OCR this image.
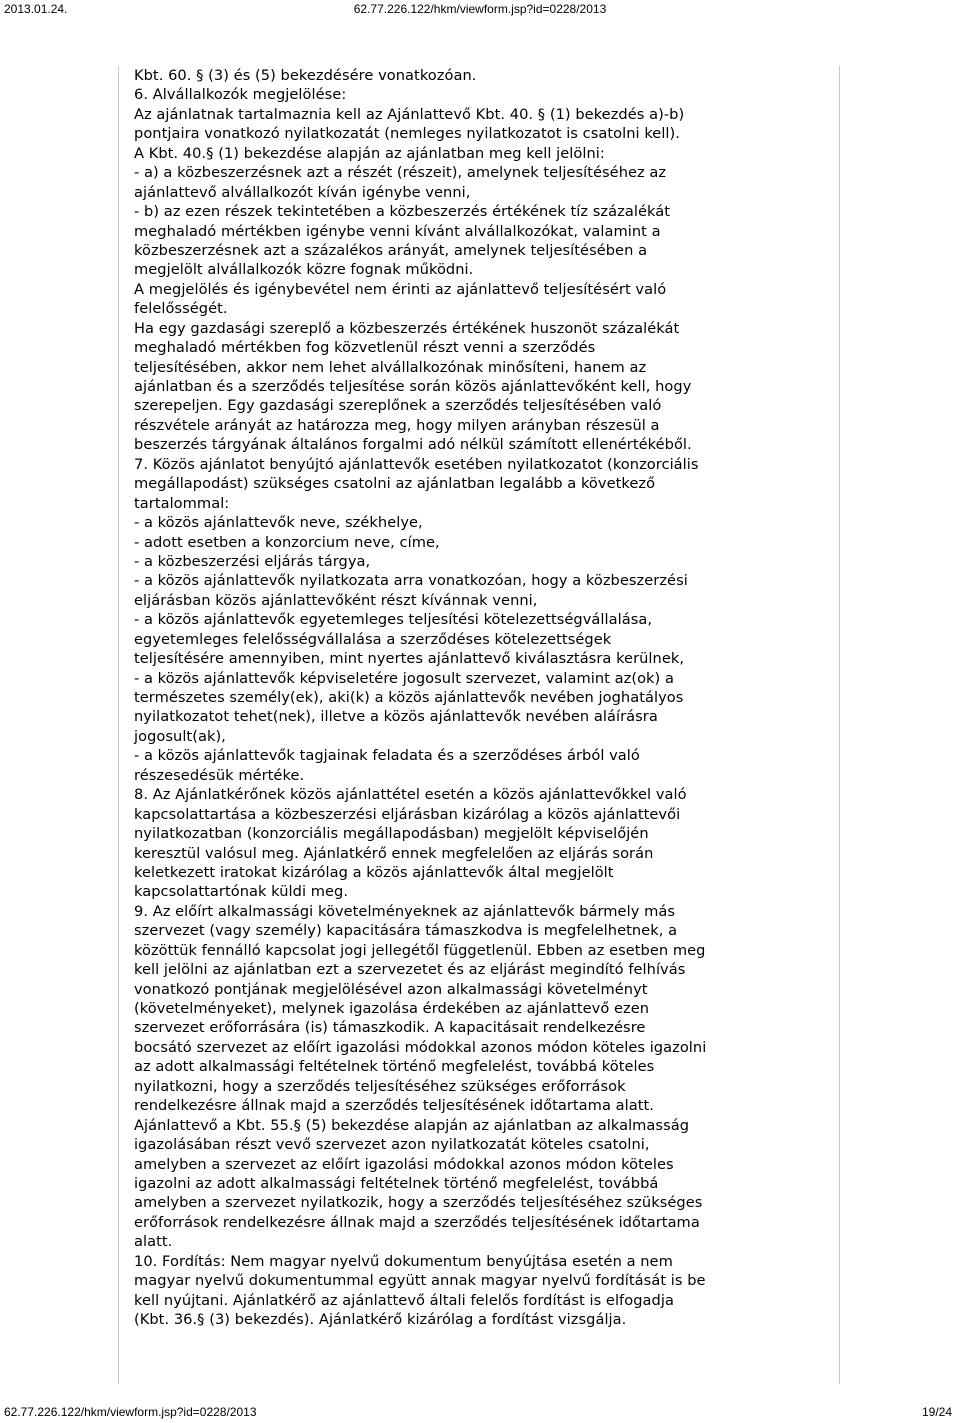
2013.01.24.	62.77.226.122/hkm/viewform.jsp?id=0228/2013
Kbt. 60. § (3) és (5) bekezdésére vonatkozóan.
6. Alvállalkozók megjelölése:
Az ajánlatnak tartalmaznia kell az Ajánlattevő Kbt. 40. § (1) bekezdés a)-b)
pontjaira vonatkozó nyilatkozatát (nemleges nyilatkozatot is csatolni kell).
A Kbt. 40.§ (1) bekezdése alapján az ajánlatban meg kell jelölni:
- a) a közbeszerzésnek azt a részét (részeit), amelynek teljesítéséhez az
ajánlattevő alvállalkozót kíván igénybe venni,
- b) az ezen részek tekintetében a közbeszerzés értékének tíz százalékát
meghaladó mértékben igénybe venni kívánt alvállalkozókat, valamint a
közbeszerzésnek azt a százalékos arányát, amelynek teljesítésében a
megjelölt alvállalkozók közre fognak működni.
A megjelölés és igénybevétel nem érinti az ajánlattevő teljesítésért való
felelősségét.
Ha egy gazdasági szereplő a közbeszerzés értékének huszonöt százalékát
meghaladó mértékben fog közvetlenül részt venni a szerződés
teljesítésében, akkor nem lehet alvállalkozónak minősíteni, hanem az
ajánlatban és a szerződés teljesítése során közös ajánlattevőként kell, hogy
szerepeljen. Egy gazdasági szereplőnek a szerződés teljesítésében való
részvétele arányát az határozza meg, hogy milyen arányban részesül a
beszerzés tárgyának általános forgalmi adó nélkül számított ellenértékéből.
7. Közös ajánlatot benyújtó ajánlattevők esetében nyilatkozatot (konzorciális
megállapodást) szükséges csatolni az ajánlatban legalább a következő
tartalommal:
- a közös ajánlattevők neve, székhelye,
- adott esetben a konzorcium neve, címe,
- a közbeszerzési eljárás tárgya,
- a közös ajánlattevők nyilatkozata arra vonatkozóan, hogy a közbeszerzési
eljárásban közös ajánlattevőként részt kívánnak venni,
- a közös ajánlattevők egyetemleges teljesítési kötelezettségvállalása,
egyetemleges felelősségvállalása a szerződéses kötelezettségek
teljesítésére amennyiben, mint nyertes ajánlattevő kiválasztásra kerülnek,
- a közös ajánlattevők képviseletére jogosult szervezet, valamint az(ok) a
természetes személy(ek), aki(k) a közös ajánlattevők nevében joghatályos
nyilatkozatot tehet(nek), illetve a közös ajánlattevők nevében aláírásra
jogosult(ak),
- a közös ajánlattevők tagjainak feladata és a szerződéses árból való
részesedésük mértéke.
8. Az Ajánlatkérőnek közös ajánlattétel esetén a közös ajánlattevőkkel való
kapcsolattartása a közbeszerzési eljárásban kizárólag a közös ajánlattevői
nyilatkozatban (konzorciális megállapodásban) megjelölt képviselőjén
keresztül valósul meg. Ajánlatkérő ennek megfelelően az eljárás során
keletkezett iratokat kizárólag a közös ajánlattevők által megjelölt
kapcsolattartónak küldi meg.
9. Az előírt alkalmassági követelményeknek az ajánlattevők bármely más
szervezet (vagy személy) kapacitására támaszkodva is megfelelhetnek, a
közöttük fennálló kapcsolat jogi jellegétől függetlenül. Ebben az esetben meg
kell jelölni az ajánlatban ezt a szervezetet és az eljárást megindító felhívás
vonatkozó pontjának megjelölésével azon alkalmassági követelményt
(követelményeket), melynek igazolása érdekében az ajánlattevő ezen
szervezet erőforrására (is) támaszkodik. A kapacitásait rendelkezésre
bocsátó szervezet az előírt igazolási módokkal azonos módon köteles igazolni
az adott alkalmassági feltételnek történő megfelelést, továbbá köteles
nyilatkozni, hogy a szerződés teljesítéséhez szükséges erőforrások
rendelkezésre állnak majd a szerződés teljesítésének időtartama alatt.
Ajánlattevő a Kbt. 55.§ (5) bekezdése alapján az ajánlatban az alkalmasság
igazolásában részt vevő szervezet azon nyilatkozatát köteles csatolni,
amelyben a szervezet az előírt igazolási módokkal azonos módon köteles
igazolni az adott alkalmassági feltételnek történő megfelelést, továbbá
amelyben a szervezet nyilatkozik, hogy a szerződés teljesítéséhez szükséges
erőforrások rendelkezésre állnak majd a szerződés teljesítésének időtartama
alatt.
10. Fordítás: Nem magyar nyelvű dokumentum benyújtása esetén a nem
magyar nyelvű dokumentummal együtt annak magyar nyelvű fordítását is be
kell nyújtani. Ajánlatkérő az ajánlattevő általi felelős fordítást is elfogadja
(Kbt. 36.§ (3) bekezdés). Ajánlatkérő kizárólag a fordítást vizsgálja.
62.77.226.122/hkm/viewform.jsp?id=0228/2013	19/24
